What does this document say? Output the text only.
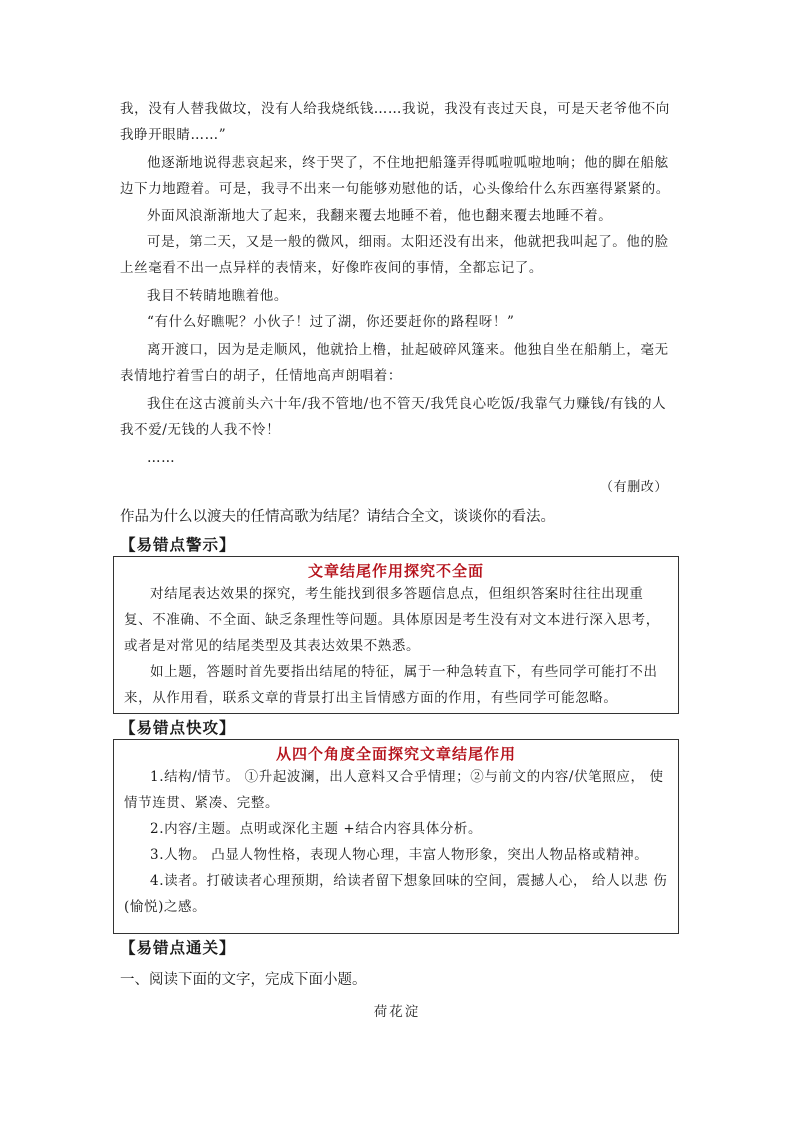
我，没有人替我做坟，没有人给我烧纸钱……我说，我没有丧过天良，可是天老爷他不向我睁开眼睛……”

他逐渐地说得悲哀起来，终于哭了，不住地把船篷弄得呱啦呱啦地响；他的脚在船舷边下力地蹬着。可是，我寻不出来一句能够劝慰他的话，心头像给什么东西塞得紧紧的。

外面风浪渐渐地大了起来，我翻来覆去地睡不着，他也翻来覆去地睡不着。

可是，第二天，又是一般的微风，细雨。太阳还没有出来，他就把我叫起了。他的脸上丝毫看不出一点异样的表情来，好像昨夜间的事情，全都忘记了。

我目不转睛地瞧着他。

“有什么好瞧呢？小伙子！过了湖，你还要赶你的路程呀！”

离开渡口，因为是走顺风，他就拾上橹，扯起破碎风篷来。他独自坐在船艄上，毫无表情地拧着雪白的胡子，任情地高声朗唱着：

我住在这古渡前头六十年/我不管地/也不管天/我凭良心吃饭/我靠气力赚钱/有钱的人我不爱/无钱的人我不怜！

……

（有删改）
作品为什么以渡夫的任情高歌为结尾？请结合全文，谈谈你的看法。
【易错点警示】
文章结尾作用探究不全面

对结尾表达效果的探究，考生能找到很多答题信息点，但组织答案时往往出现重复、不准确、不全面、缺乏条理性等问题。具体原因是考生没有对文本进行深入思考，或者是对常见的结尾类型及其表达效果不熟悉。

如上题，答题时首先要指出结尾的特征，属于一种急转直下，有些同学可能打不出来，从作用看，联系文章的背景打出主旨情感方面的作用，有些同学可能忽略。

【易错点快攻】
从四个角度全面探究文章结尾作用

1.结构/情节。 ①升起波澜，出人意料又合乎情理；②与前文的内容/伏笔照应， 使情节连贯、紧凑、完整。

2.内容/主题。点明或深化主题 +结合内容具体分析。

3.人物。 凸显人物性格，表现人物心理，丰富人物形象，突出人物品格或精神。

4.读者。打破读者心理预期，给读者留下想象回味的空间，震撼人心， 给人以悲 伤(愉悦)之感。

【易错点通关】
一、阅读下面的文字，完成下面小题。
荷花淀
